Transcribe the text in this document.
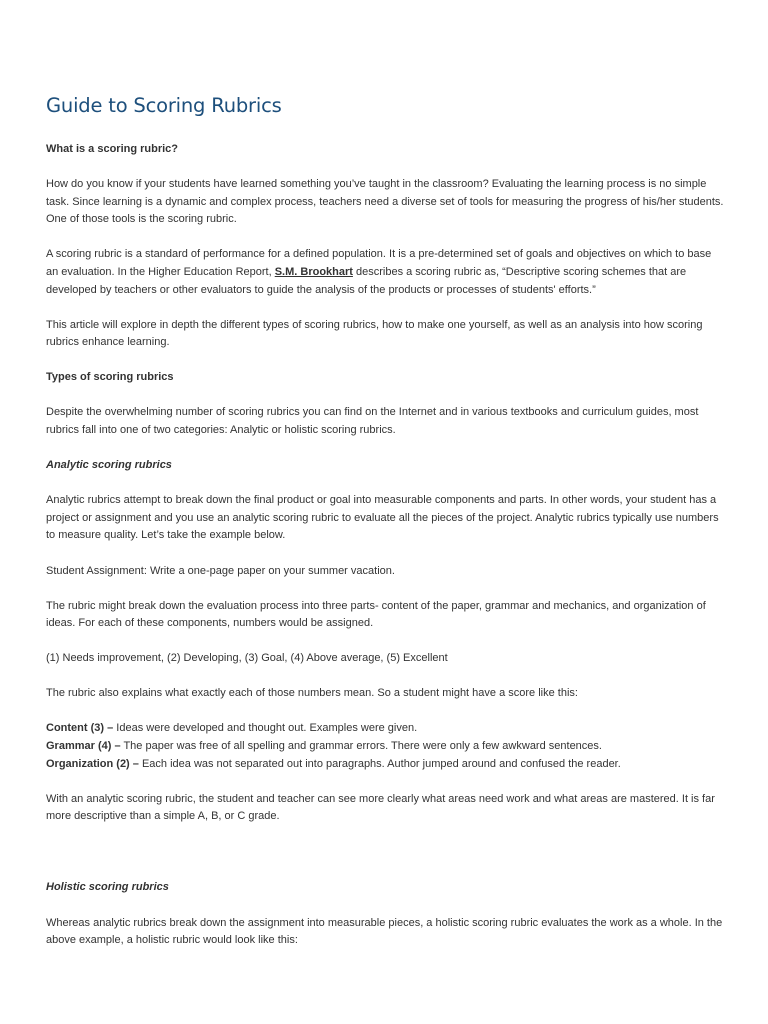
Guide to Scoring Rubrics

What is a scoring rubric?

How do you know if your students have learned something you’ve taught in the classroom? Evaluating the learning process is no simple task. Since learning is a dynamic and complex process, teachers need a diverse set of tools for measuring the progress of his/her students. One of those tools is the scoring rubric.

A scoring rubric is a standard of performance for a defined population. It is a pre-determined set of goals and objectives on which to base an evaluation. In the Higher Education Report, S.M. Brookhart describes a scoring rubric as, “Descriptive scoring schemes that are developed by teachers or other evaluators to guide the analysis of the products or processes of students' efforts.”

This article will explore in depth the different types of scoring rubrics, how to make one yourself, as well as an analysis into how scoring rubrics enhance learning.

Types of scoring rubrics

Despite the overwhelming number of scoring rubrics you can find on the Internet and in various textbooks and curriculum guides, most rubrics fall into one of two categories: Analytic or holistic scoring rubrics.

Analytic scoring rubrics

Analytic rubrics attempt to break down the final product or goal into measurable components and parts. In other words, your student has a project or assignment and you use an analytic scoring rubric to evaluate all the pieces of the project. Analytic rubrics typically use numbers to measure quality. Let’s take the example below.

Student Assignment: Write a one-page paper on your summer vacation.

The rubric might break down the evaluation process into three parts- content of the paper, grammar and mechanics, and organization of ideas. For each of these components, numbers would be assigned.

(1) Needs improvement, (2) Developing, (3) Goal, (4) Above average, (5) Excellent

The rubric also explains what exactly each of those numbers mean. So a student might have a score like this:

Content (3) – Ideas were developed and thought out. Examples were given.

Grammar (4) – The paper was free of all spelling and grammar errors. There were only a few awkward sentences.

Organization (2) – Each idea was not separated out into paragraphs. Author jumped around and confused the reader.

With an analytic scoring rubric, the student and teacher can see more clearly what areas need work and what areas are mastered. It is far more descriptive than a simple A, B, or C grade.

Holistic scoring rubrics

Whereas analytic rubrics break down the assignment into measurable pieces, a holistic scoring rubric evaluates the work as a whole. In the above example, a holistic rubric would look like this:
